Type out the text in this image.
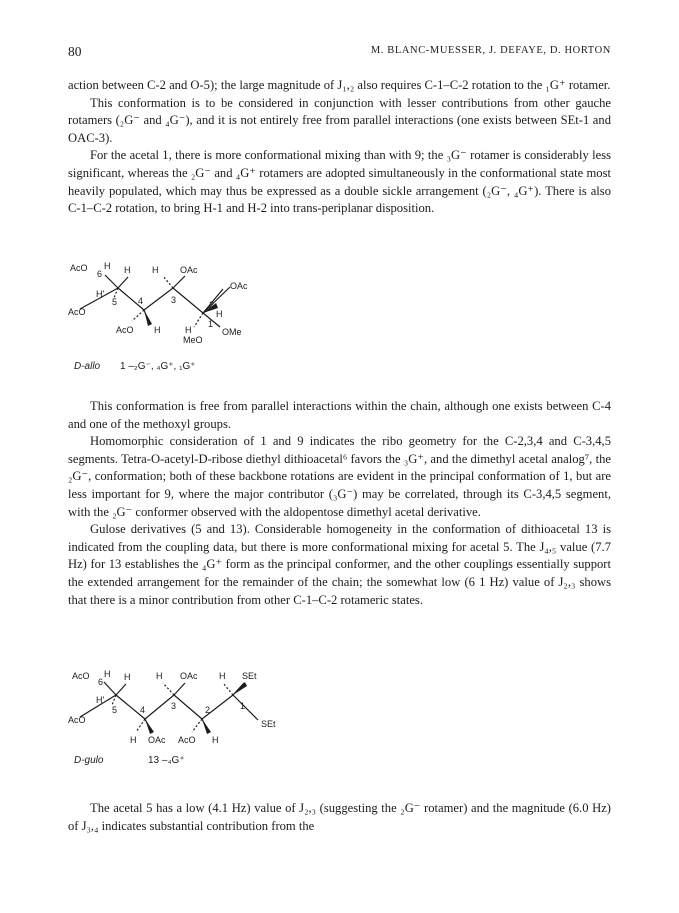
80	M. BLANC-MUESSER, J. DEFAYE, D. HORTON

action between C-2 and O-5); the large magnitude of J₁,₂ also requires C-1–C-2 rotation to the ₁G⁺ rotamer.

This conformation is to be considered in conjunction with lesser contributions from other gauche rotamers (₂G⁻ and ₄G⁻), and it is not entirely free from parallel interactions (one exists between SEt-1 and OAC-3).

For the acetal 1, there is more conformational mixing than with 9; the ₃G⁻ rotamer is considerably less significant, whereas the ₂G⁻ and ₄G⁺ rotamers are adopted simultaneously in the conformational state most heavily populated, which may thus be expressed as a double sickle arrangement (₂G⁻, ₄G⁺). There is also C-1–C-2 rotation, to bring H-1 and H-2 into trans-periplanar disposition.

AcO
6
H H
H'
5
AcO
4
H
AcO
3
OAc
H
2
OAc
H
H
MeO
1
OMe
D-allo 1 –₂G⁻, ₄G⁺, ₁G⁺

This conformation is free from parallel interactions within the chain, although one exists between C-4 and one of the methoxyl groups.

Homomorphic consideration of 1 and 9 indicates the ribo geometry for the C-2,3,4 and C-3,4,5 segments. Tetra-O-acetyl-D-ribose diethyl dithioacetal⁶ favors the ₃G⁺, and the dimethyl acetal analog⁷, the ₂G⁻, conformation; both of these backbone rotations are evident in the principal conformation of 1, but are less important for 9, where the major contributor (₃G⁻) may be correlated, through its C-3,4,5 segment, with the ₂G⁻ conformer observed with the aldopentose dimethyl acetal derivative.

Gulose derivatives (5 and 13). Considerable homogeneity in the conformation of dithioacetal 13 is indicated from the coupling data, but there is more conformational mixing for acetal 5. The J₄,₅ value (7.7 Hz) for 13 establishes the ₄G⁺ form as the principal conformer, and the other couplings essentially support the extended arrangement for the remainder of the chain; the somewhat low (6 1 Hz) value of J₂,₃ shows that there is a minor contribution from other C-1–C-2 rotameric states.

AcO
6
H H
H'
5
AcO
4
H
H
3
OAc
OAc
2
H
AcO H
1
SEt
SEt
D-gulo	13 –₄G⁺

The acetal 5 has a low (4.1 Hz) value of J₂,₃ (suggesting the ₂G⁻ rotamer) and the magnitude (6.0 Hz) of J₃,₄ indicates substantial contribution from the
